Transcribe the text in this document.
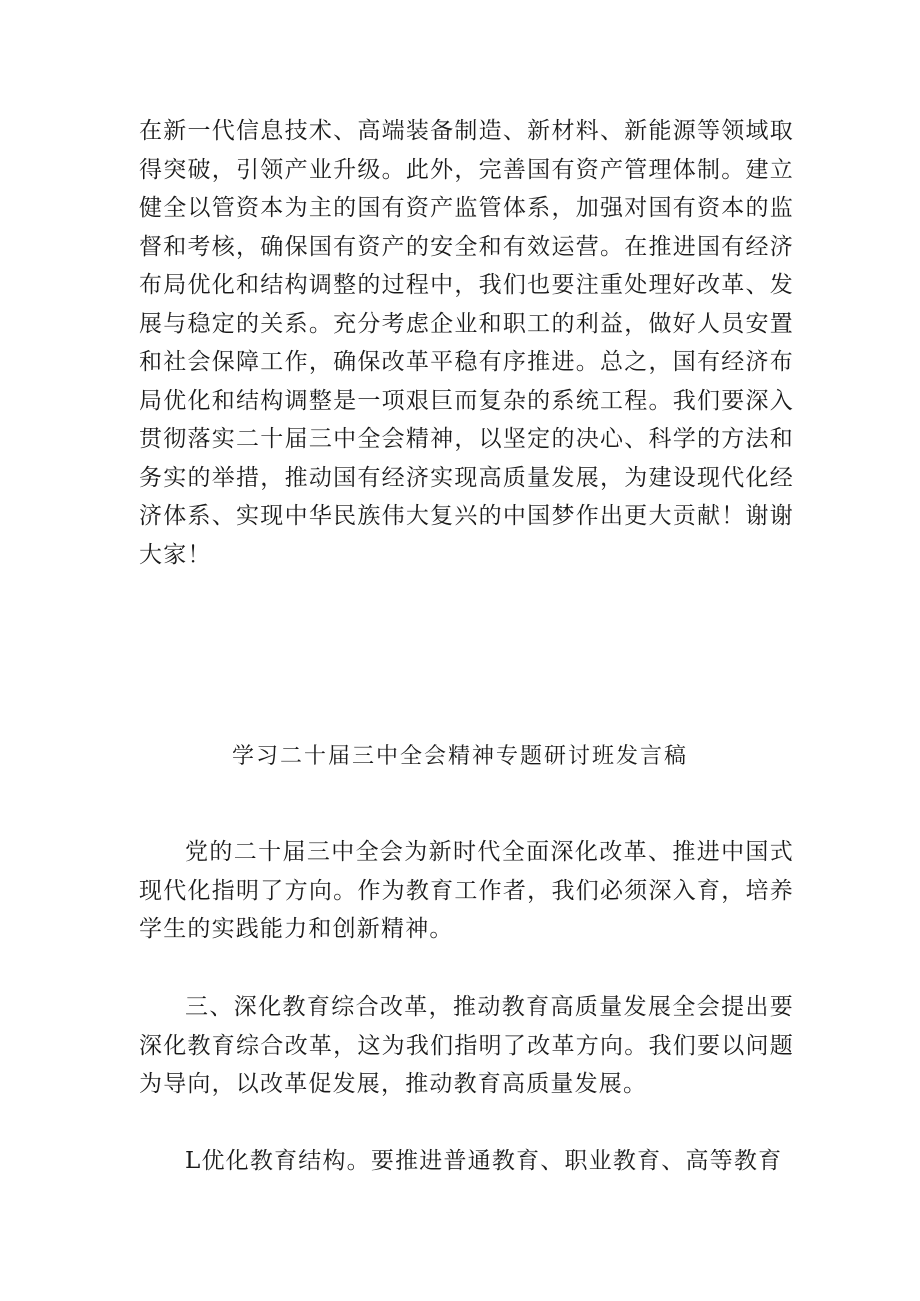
在新一代信息技术、高端装备制造、新材料、新能源等领域取得突破，引领产业升级。此外，完善国有资产管理体制。建立健全以管资本为主的国有资产监管体系，加强对国有资本的监督和考核，确保国有资产的安全和有效运营。在推进国有经济布局优化和结构调整的过程中，我们也要注重处理好改革、发展与稳定的关系。充分考虑企业和职工的利益，做好人员安置和社会保障工作，确保改革平稳有序推进。总之，国有经济布局优化和结构调整是一项艰巨而复杂的系统工程。我们要深入贯彻落实二十届三中全会精神，以坚定的决心、科学的方法和务实的举措，推动国有经济实现高质量发展，为建设现代化经济体系、实现中华民族伟大复兴的中国梦作出更大贡献！谢谢大家！

学习二十届三中全会精神专题研讨班发言稿

党的二十届三中全会为新时代全面深化改革、推进中国式现代化指明了方向。作为教育工作者，我们必须深入育，培养学生的实践能力和创新精神。

三、深化教育综合改革，推动教育高质量发展全会提出要深化教育综合改革，这为我们指明了改革方向。我们要以问题为导向，以改革促发展，推动教育高质量发展。

L优化教育结构。要推进普通教育、职业教育、高等教育
